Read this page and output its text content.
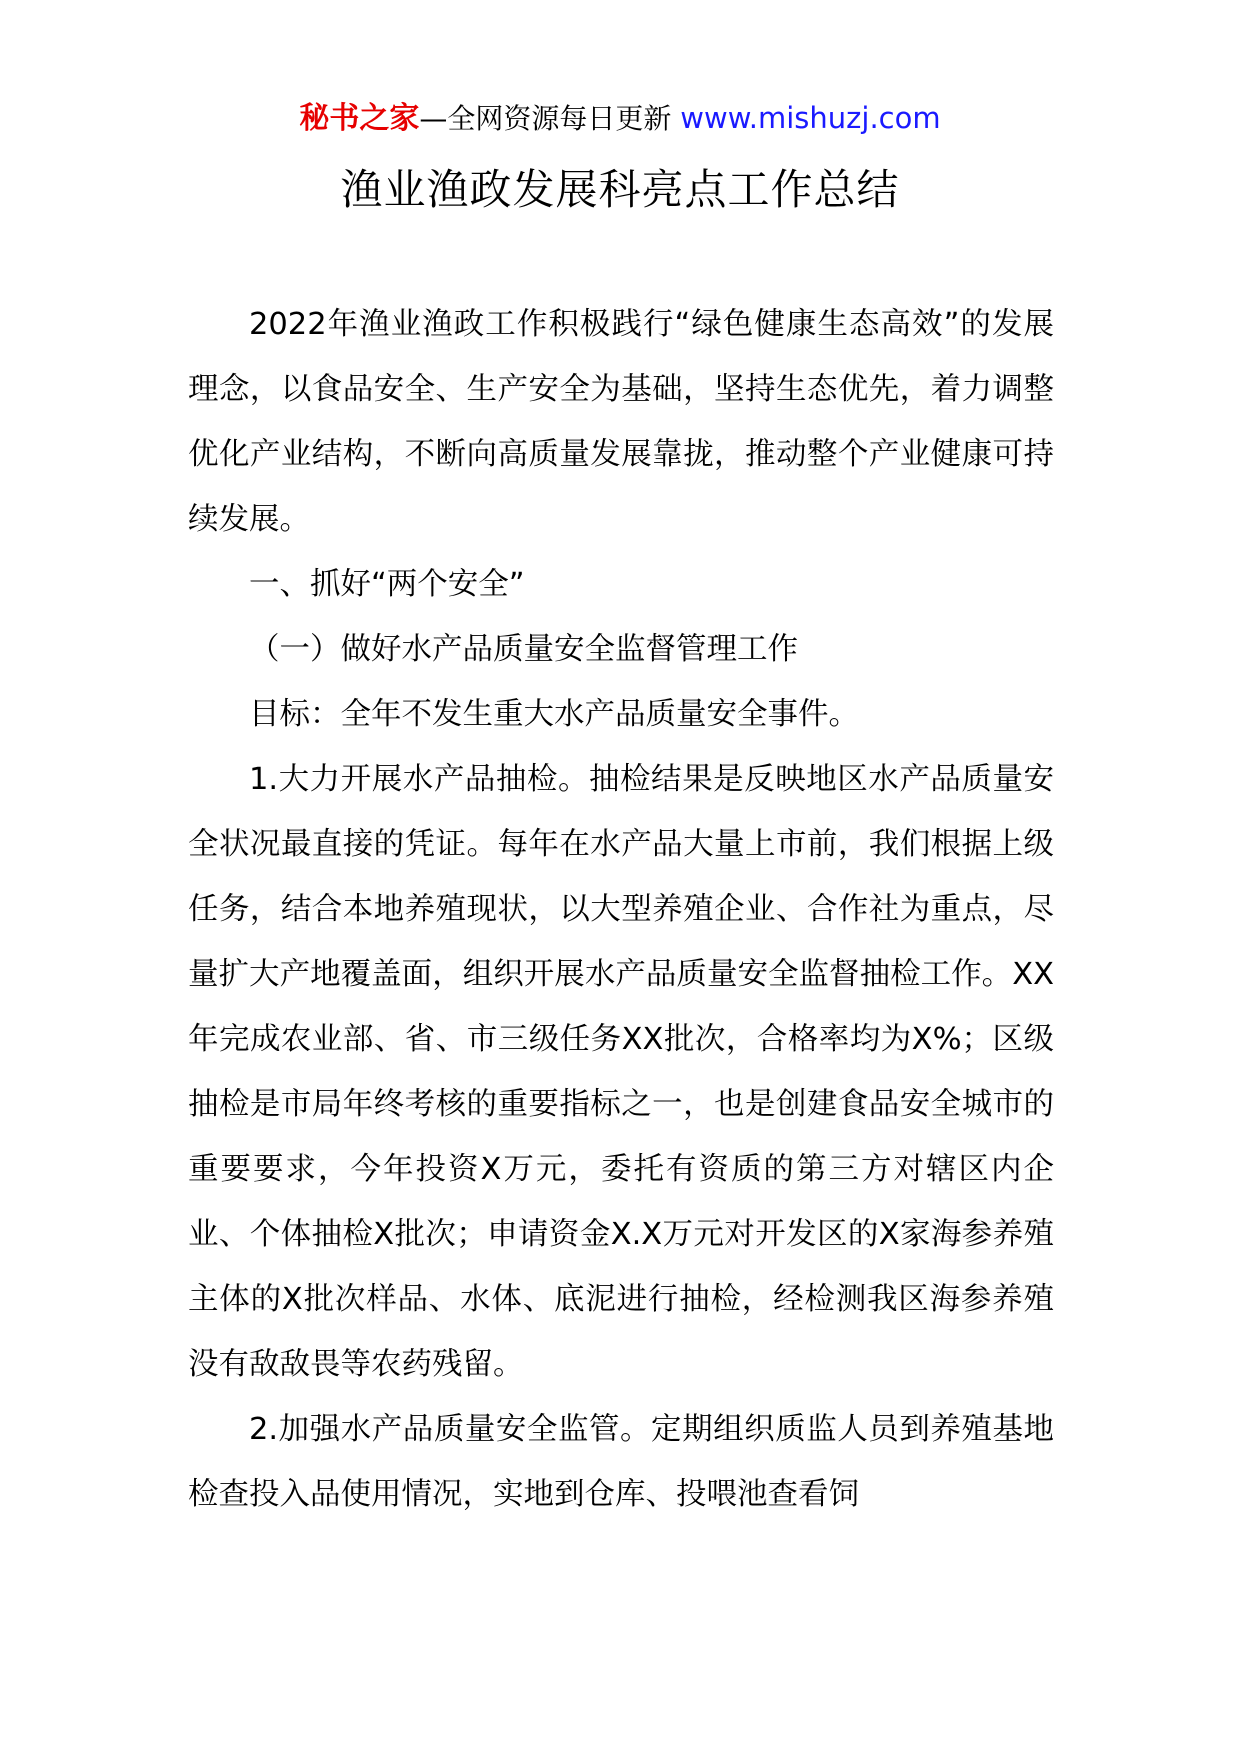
秘书之家—全网资源每日更新 www.mishuzj.com
渔业渔政发展科亮点工作总结

2022年渔业渔政工作积极践行“绿色健康生态高效”的发展理念，以食品安全、生产安全为基础，坚持生态优先，着力调整优化产业结构，不断向高质量发展靠拢，推动整个产业健康可持续发展。

一、抓好“两个安全”

（一）做好水产品质量安全监督管理工作

目标：全年不发生重大水产品质量安全事件。

1.大力开展水产品抽检。抽检结果是反映地区水产品质量安全状况最直接的凭证。每年在水产品大量上市前，我们根据上级任务，结合本地养殖现状，以大型养殖企业、合作社为重点，尽量扩大产地覆盖面，组织开展水产品质量安全监督抽检工作。XX年完成农业部、省、市三级任务XX批次，合格率均为X%；区级抽检是市局年终考核的重要指标之一，也是创建食品安全城市的重要要求，今年投资X万元，委托有资质的第三方对辖区内企业、个体抽检X批次；申请资金X.X万元对开发区的X家海参养殖主体的X批次样品、水体、底泥进行抽检，经检测我区海参养殖没有敌敌畏等农药残留。

2.加强水产品质量安全监管。定期组织质监人员到养殖基地检查投入品使用情况，实地到仓库、投喂池查看饲
